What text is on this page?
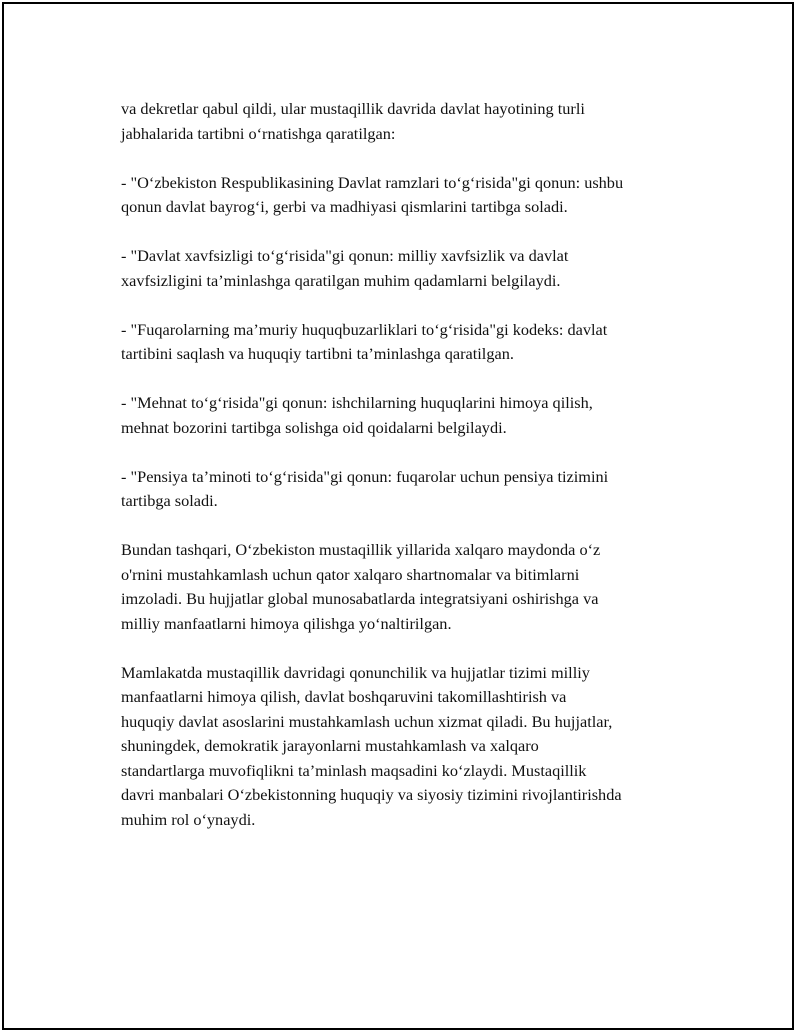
va dekretlar qabul qildi, ular mustaqillik davrida davlat hayotining turli
jabhalarida tartibni o‘rnatishga qaratilgan:

- "O‘zbekiston Respublikasining Davlat ramzlari to‘g‘risida"gi qonun: ushbu
qonun davlat bayrog‘i, gerbi va madhiyasi qismlarini tartibga soladi.

- "Davlat xavfsizligi to‘g‘risida"gi qonun: milliy xavfsizlik va davlat
xavfsizligini ta’minlashga qaratilgan muhim qadamlarni belgilaydi.

- "Fuqarolarning ma’muriy huquqbuzarliklari to‘g‘risida"gi kodeks: davlat
tartibini saqlash va huquqiy tartibni ta’minlashga qaratilgan.

- "Mehnat to‘g‘risida"gi qonun: ishchilarning huquqlarini himoya qilish,
mehnat bozorini tartibga solishga oid qoidalarni belgilaydi.

- "Pensiya ta’minoti to‘g‘risida"gi qonun: fuqarolar uchun pensiya tizimini
tartibga soladi.

Bundan tashqari, O‘zbekiston mustaqillik yillarida xalqaro maydonda o‘z
o'rnini mustahkamlash uchun qator xalqaro shartnomalar va bitimlarni
imzoladi. Bu hujjatlar global munosabatlarda integratsiyani oshirishga va
milliy manfaatlarni himoya qilishga yo‘naltirilgan.

Mamlakatda mustaqillik davridagi qonunchilik va hujjatlar tizimi milliy
manfaatlarni himoya qilish, davlat boshqaruvini takomillashtirish va
huquqiy davlat asoslarini mustahkamlash uchun xizmat qiladi. Bu hujjatlar,
shuningdek, demokratik jarayonlarni mustahkamlash va xalqaro
standartlarga muvofiqlikni ta’minlash maqsadini ko‘zlaydi. Mustaqillik
davri manbalari O‘zbekistonning huquqiy va siyosiy tizimini rivojlantirishda
muhim rol o‘ynaydi.
